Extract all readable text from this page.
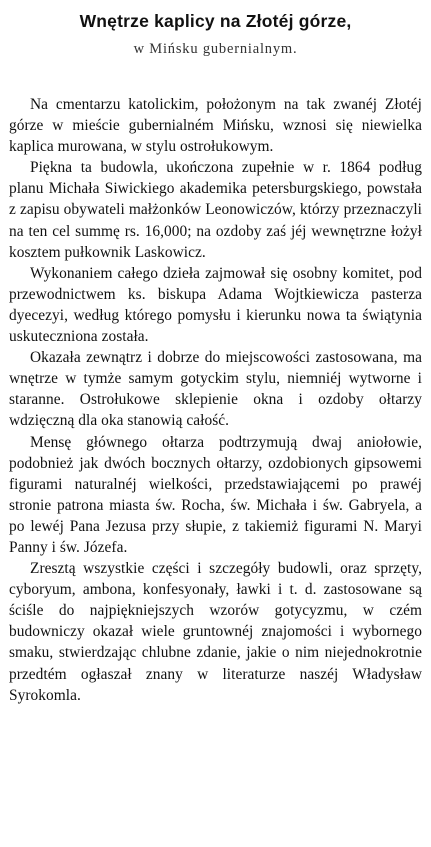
Wnętrze kaplicy na Złotéj górze,
w Mińsku gubernialnym.

Na cmentarzu katolickim, położonym na tak zwanéj Złotéj górze w mieście gubernialném Mińsku, wznosi się niewielka kaplica murowana, w stylu ostrołukowym.

Piękna ta budowla, ukończona zupełnie w r. 1864 podług planu Michała Siwickiego akademika petersburgskiego, powstała z zapisu obywateli małżonków Leonowiczów, którzy przeznaczyli na ten cel summę rs. 16,000; na ozdoby zaś jéj wewnętrzne łożył kosztem pułkownik Laskowicz.

Wykonaniem całego dzieła zajmował się osobny komitet, pod przewodnictwem ks. biskupa Adama Wojtkiewicza pasterza dyecezyi, według którego pomysłu i kierunku nowa ta świątynia uskuteczniona została.

Okazała zewnątrz i dobrze do miejscowości zastosowana, ma wnętrze w tymże samym gotyckim stylu, niemniéj wytworne i staranne. Ostrołukowe sklepienie okna i ozdoby ołtarzy wdzięczną dla oka stanowią całość.

Mensę głównego ołtarza podtrzymują dwaj aniołowie, podobnież jak dwóch bocznych ołtarzy, ozdobionych gipsowemi figurami naturalnéj wielkości, przedstawiającemi po prawéj stronie patrona miasta św. Rocha, św. Michała i św. Gabryela, a po lewéj Pana Jezusa przy słupie, z takiemiż figurami N. Maryi Panny i św. Józefa.

Zresztą wszystkie części i szczegóły budowli, oraz sprzęty, cyboryum, ambona, konfesyonały, ławki i t. d. zastosowane są ściśle do najpiękniejszych wzorów gotycyzmu, w czém budowniczy okazał wiele gruntownéj znajomości i wybornego smaku, stwierdzając chlubne zdanie, jakie o nim niejednokrotnie przedtém ogłaszał znany w literaturze naszéj Władysław Syrokomla.
